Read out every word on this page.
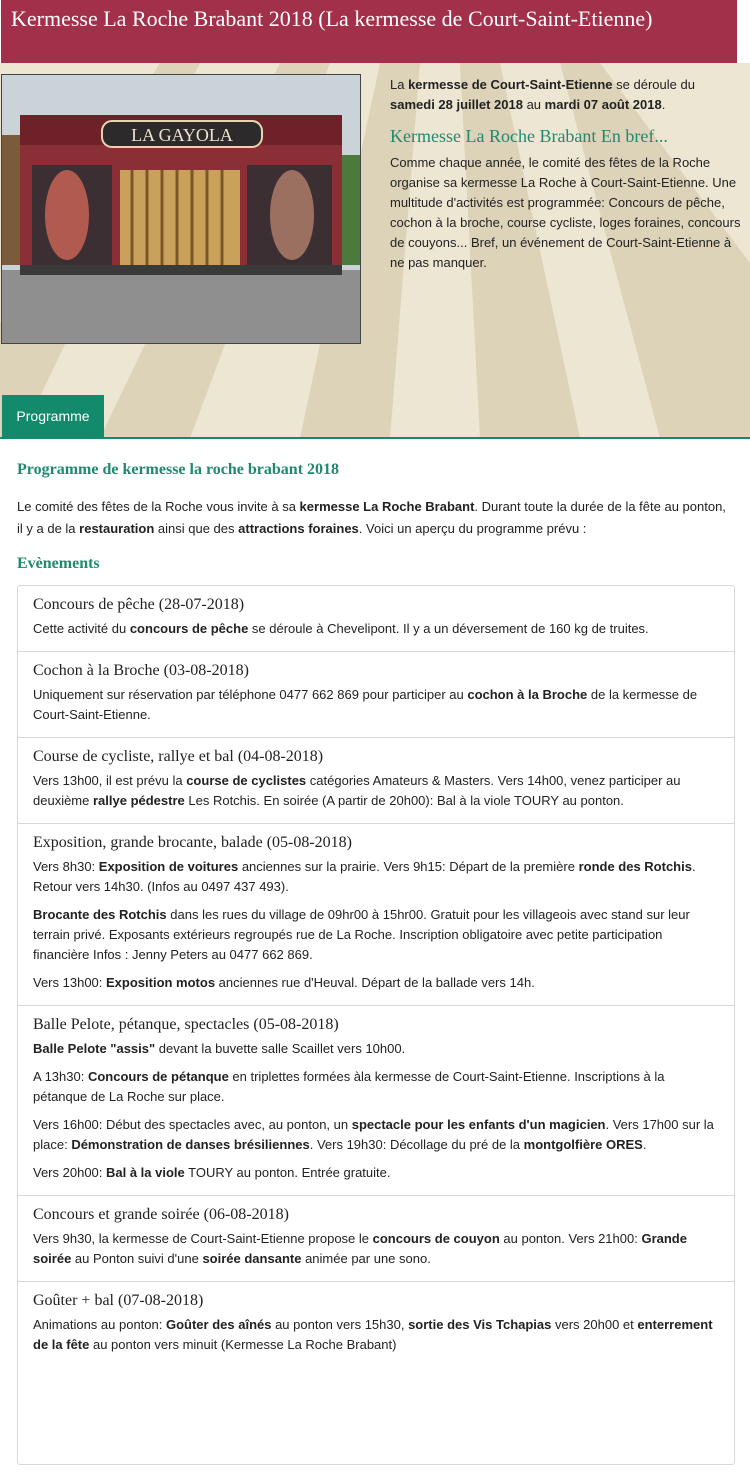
Kermesse La Roche Brabant 2018 (La kermesse de Court-Saint-Etienne)
LA GAYOLA

La kermesse de Court-Saint-Etienne se déroule du samedi 28 juillet 2018 au mardi 07 août 2018.

Kermesse La Roche Brabant En bref...

Comme chaque année, le comité des fêtes de la Roche organise sa kermesse La Roche à Court-Saint-Etienne. Une multitude d'activités est programmée: Concours de pêche, cochon à la broche, course cycliste, loges foraines, concours de couyons... Bref, un événement de Court-Saint-Etienne à ne pas manquer.

Programme
Programme de kermesse la roche brabant 2018

Le comité des fêtes de la Roche vous invite à sa kermesse La Roche Brabant. Durant toute la durée de la fête au ponton, il y a de la restauration ainsi que des attractions foraines. Voici un aperçu du programme prévu :

Evènements
Concours de pêche (28-07-2018)

Cette activité du concours de pêche se déroule à Chevelipont. Il y a un déversement de 160 kg de truites.

Cochon à la Broche (03-08-2018)

Uniquement sur réservation par téléphone 0477 662 869 pour participer au cochon à la Broche de la kermesse de Court-Saint-Etienne.

Course de cycliste, rallye et bal (04-08-2018)

Vers 13h00, il est prévu la course de cyclistes catégories Amateurs & Masters. Vers 14h00, venez participer au deuxième rallye pédestre Les Rotchis. En soirée (A partir de 20h00): Bal à la viole TOURY au ponton.

Exposition, grande brocante, balade (05-08-2018)

Vers 8h30: Exposition de voitures anciennes sur la prairie. Vers 9h15: Départ de la première ronde des Rotchis. Retour vers 14h30. (Infos au 0497 437 493).

Brocante des Rotchis dans les rues du village de 09hr00 à 15hr00. Gratuit pour les villageois avec stand sur leur terrain privé. Exposants extérieurs regroupés rue de La Roche. Inscription obligatoire avec petite participation financière Infos : Jenny Peters au 0477 662 869.

Vers 13h00: Exposition motos anciennes rue d'Heuval. Départ de la ballade vers 14h.

Balle Pelote, pétanque, spectacles (05-08-2018)

Balle Pelote "assis" devant la buvette salle Scaillet vers 10h00.

A 13h30: Concours de pétanque en triplettes formées àla kermesse de Court-Saint-Etienne. Inscriptions à la pétanque de La Roche sur place.

Vers 16h00: Début des spectacles avec, au ponton, un spectacle pour les enfants d'un magicien. Vers 17h00 sur la place: Démonstration de danses brésiliennes. Vers 19h30: Décollage du pré de la montgolfière ORES.

Vers 20h00: Bal à la viole TOURY au ponton. Entrée gratuite.

Concours et grande soirée (06-08-2018)

Vers 9h30, la kermesse de Court-Saint-Etienne propose le concours de couyon au ponton. Vers 21h00: Grande soirée au Ponton suivi d'une soirée dansante animée par une sono.

Goûter + bal (07-08-2018)

Animations au ponton: Goûter des aînés au ponton vers 15h30, sortie des Vis Tchapias vers 20h00 et enterrement de la fête au ponton vers minuit (Kermesse La Roche Brabant)
